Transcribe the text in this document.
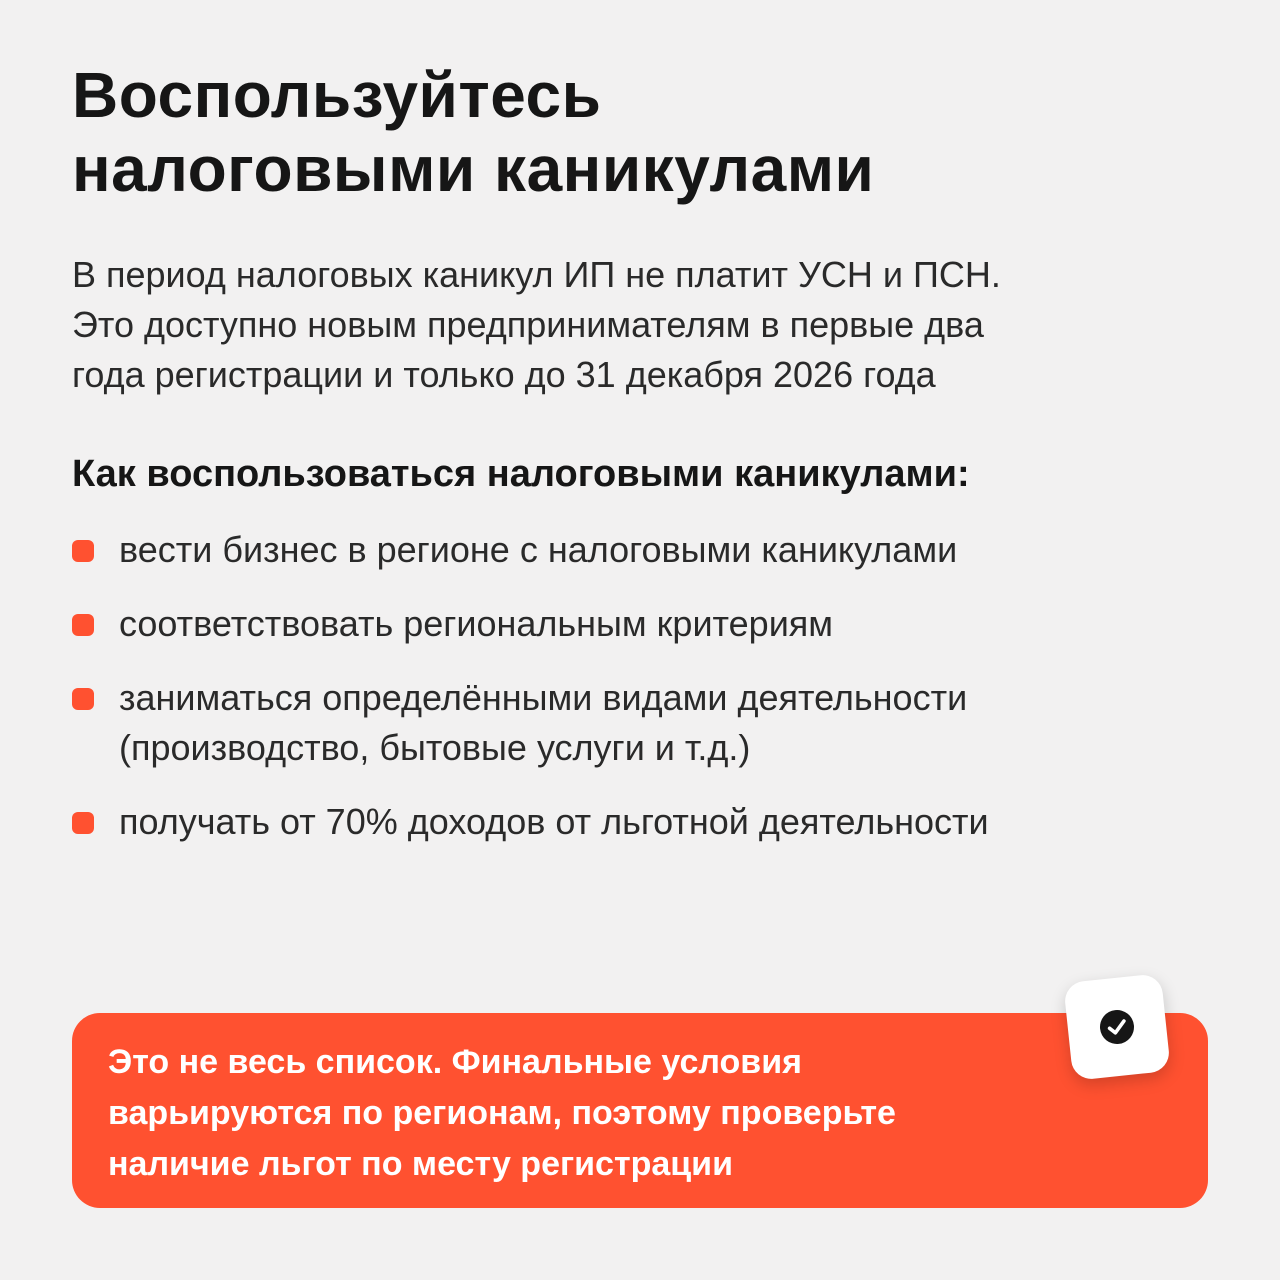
Воспользуйтесь
налоговыми каникулами

В период налоговых каникул ИП не платит УСН и ПСН.
Это доступно новым предпринимателям в первые два
года регистрации и только до 31 декабря 2026 года

Как воспользоваться налоговыми каникулами:
вести бизнес в регионе с налоговыми каникулами
соответствовать региональным критериям
заниматься определёнными видами деятельности
(производство, бытовые услуги и т.д.)
получать от 70% доходов от льготной деятельности

Это не весь список. Финальные условия
варьируются по регионам, поэтому проверьте
наличие льгот по месту регистрации
